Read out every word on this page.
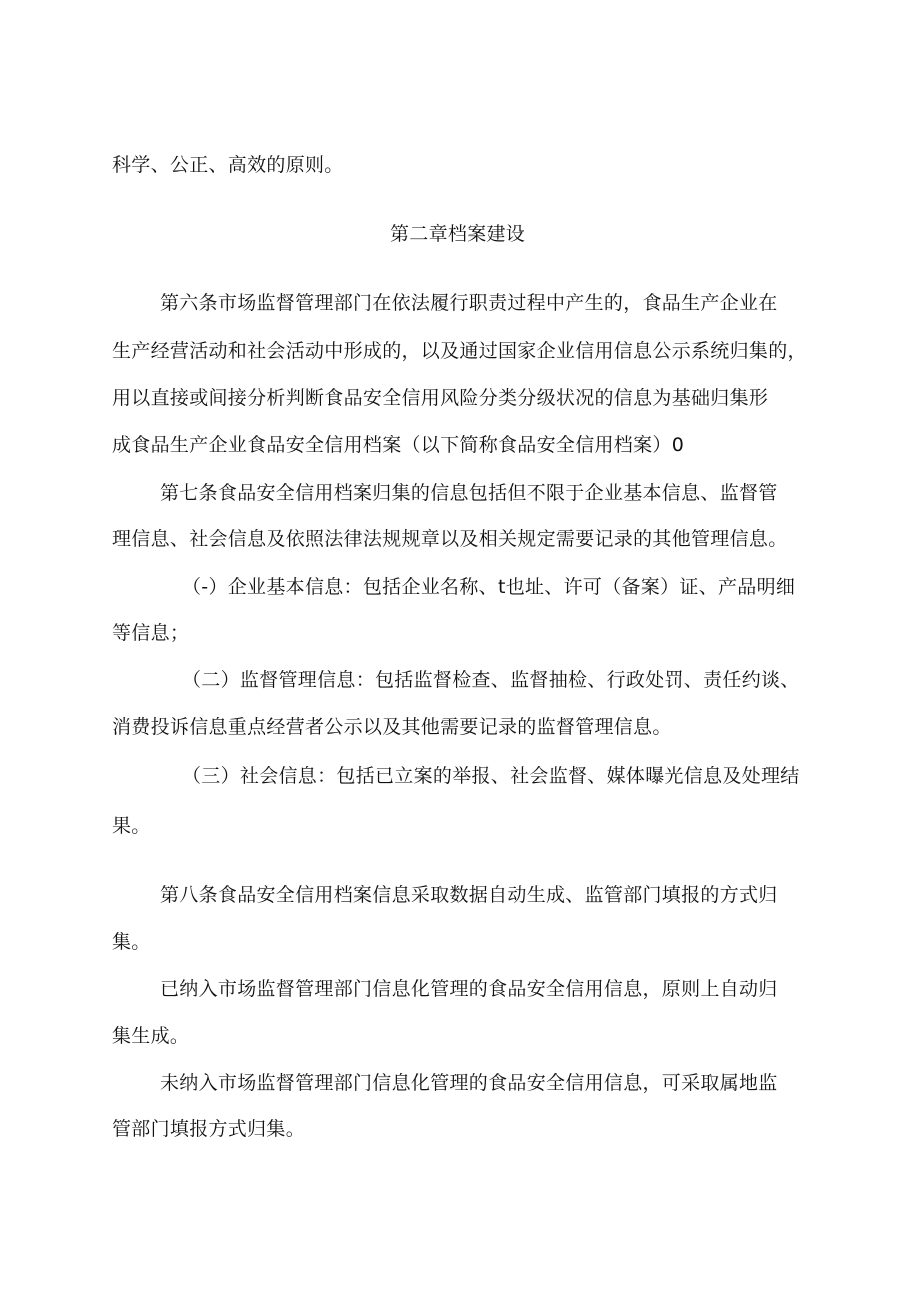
科学、公正、高效的原则。
第二章档案建设
第六条市场监督管理部门在依法履行职责过程中产生的，食品生产企业在
生产经营活动和社会活动中形成的，以及通过国家企业信用信息公示系统归集的，
用以直接或间接分析判断食品安全信用风险分类分级状况的信息为基础归集形
成食品生产企业食品安全信用档案（以下简称食品安全信用档案）0
第七条食品安全信用档案归集的信息包括但不限于企业基本信息、监督管
理信息、社会信息及依照法律法规规章以及相关规定需要记录的其他管理信息。
（-）企业基本信息：包括企业名称、t也址、许可（备案）证、产品明细
等信息；
（二）监督管理信息：包括监督检查、监督抽检、行政处罚、责任约谈、
消费投诉信息重点经营者公示以及其他需要记录的监督管理信息。
（三）社会信息：包括已立案的举报、社会监督、媒体曝光信息及处理结
果。
第八条食品安全信用档案信息采取数据自动生成、监管部门填报的方式归
集。
已纳入市场监督管理部门信息化管理的食品安全信用信息，原则上自动归
集生成。
未纳入市场监督管理部门信息化管理的食品安全信用信息，可采取属地监
管部门填报方式归集。
